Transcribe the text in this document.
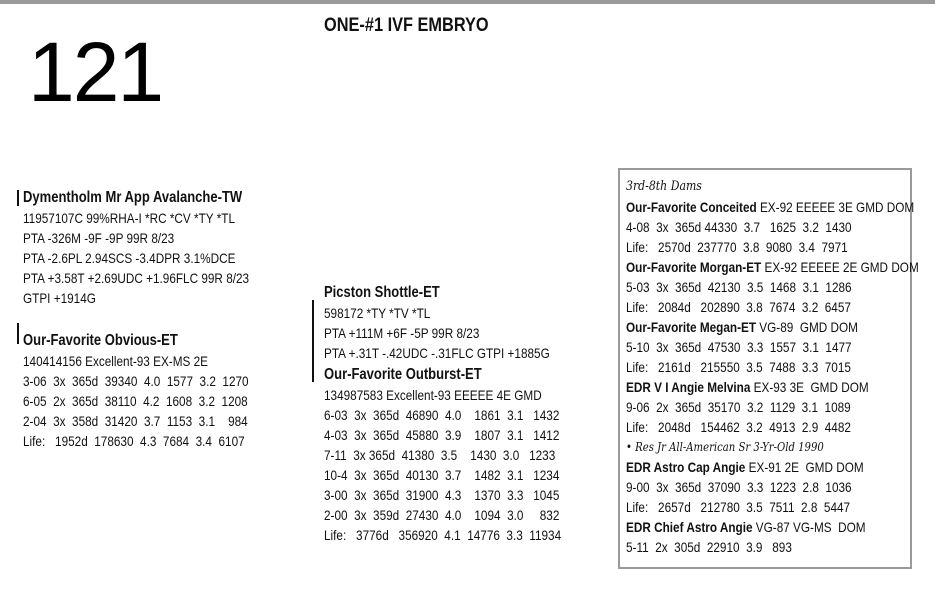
121	ONE-#1 IVF EMBRYO
Dymentholm Mr App Avalanche-TW
11957107C 99%RHA-I *RC *CV *TY *TL
PTA -326M -9F -9P 99R 8/23
PTA -2.6PL 2.94SCS -3.4DPR 3.1%DCE
PTA +3.58T +2.69UDC +1.96FLC 99R 8/23
GTPI +1914G
Our-Favorite Obvious-ET
140414156 Excellent-93 EX-MS 2E
3-06  3x  365d  39340  4.0  1577  3.2  1270
6-05  2x  365d  38110  4.2  1608  3.2  1208
2-04  3x  358d  31420  3.7  1153  3.1    984
Life:   1952d  178630  4.3  7684  3.4  6107
Picston Shottle-ET
598172 *TY *TV *TL
PTA +111M +6F -5P 99R 8/23
PTA +.31T -.42UDC -.31FLC GTPI +1885G
Our-Favorite Outburst-ET
134987583 Excellent-93 EEEEE 4E GMD
6-03  3x  365d  46890  4.0    1861  3.1   1432
4-03  3x  365d  45880  3.9    1807  3.1   1412
7-11  3x 365d  41380  3.5    1430  3.0   1233
10-4  3x  365d  40130  3.7    1482  3.1   1234
3-00  3x  365d  31900  4.3    1370  3.3   1045
2-00  3x  359d  27430  4.0    1094  3.0     832
Life:   3776d   356920  4.1  14776  3.3  11934
3rd-8th Dams
Our-Favorite Conceited EX-92 EEEEE 3E GMD DOM
4-08  3x  365d 44330  3.7   1625  3.2  1430
Life:   2570d  237770  3.8  9080  3.4  7971
Our-Favorite Morgan-ET EX-92 EEEEE 2E GMD DOM
5-03  3x  365d  42130  3.5  1468  3.1  1286
Life:   2084d   202890  3.8  7674  3.2  6457
Our-Favorite Megan-ET VG-89  GMD DOM
5-10  3x  365d  47530  3.3  1557  3.1  1477
Life:   2161d   215550  3.5  7488  3.3  7015
EDR V I Angie Melvina EX-93 3E  GMD DOM
9-06  2x  365d  35170  3.2  1129  3.1  1089
Life:   2048d   154462  3.2  4913  2.9  4482
• Res Jr All-American Sr 3-Yr-Old 1990
EDR Astro Cap Angie EX-91 2E  GMD DOM
9-00  3x  365d  37090  3.3  1223  2.8  1036
Life:   2657d   212780  3.5  7511  2.8  5447
EDR Chief Astro Angie VG-87 VG-MS  DOM
5-11  2x  305d  22910  3.9   893
